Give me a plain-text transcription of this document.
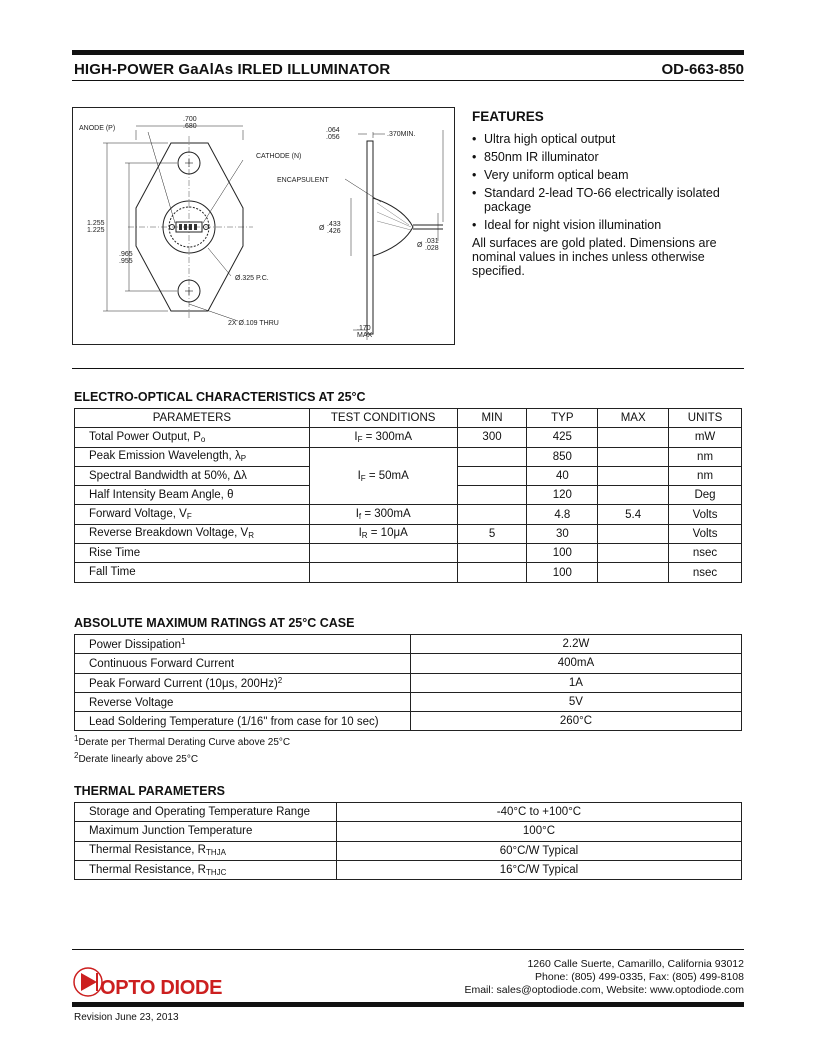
HIGH-POWER GaAlAs IRLED ILLUMINATOR	OD-663-850
ANODE (P)
CATHODE (N)
ENCAPSULENT
Ø.325 P.C.
2X Ø.109 THRU
.700
.680
1.255
1.225
.965
.955
.064
.056	.370MIN.
Ø
.433
.426
Ø
.031
.028
.170
MAX
FEATURES
• Ultra high optical output
• 850nm IR illuminator
• Very uniform optical beam
• Standard 2-lead TO-66 electrically isolated package
• Ideal for night vision illumination

All surfaces are gold plated. Dimensions are nominal values in inches unless otherwise specified.

ELECTRO-OPTICAL CHARACTERISTICS AT 25°C
PARAMETERS	TEST CONDITIONS	MIN	TYP	MAX	UNITS
Total Power Output, $P_o$	$I_F = 300mA$	300	425		mW
Peak Emission Wavelength, $\lambda_P$	$I_F = 50mA$		850		nm
Spectral Bandwidth at 50%, Δλ			40		nm
Half Intensity Beam Angle, θ			120		Deg
Forward Voltage, $V_F$	$I_f = 300mA$		4.8	5.4	Volts
Reverse Breakdown Voltage, $V_R$	$I_R = 10\mu A$	5	30		Volts
Rise Time			100		nsec
Fall Time			100		nsec
ABSOLUTE MAXIMUM RATINGS AT 25°C CASE
Power Dissipation$^1$	2.2W
Continuous Forward Current	400mA
Peak Forward Current (10μs, 200Hz)$^2$	1A
Reverse Voltage	5V
Lead Soldering Temperature (1/16" from case for 10 sec)	260°C
$^1$Derate per Thermal Derating Curve above 25°C
$^2$Derate linearly above 25°C
THERMAL PARAMETERS
Storage and Operating Temperature Range	-40°C to +100°C
Maximum Junction Temperature	100°C
Thermal Resistance, $R_{THJA}$	60°C/W Typical
Thermal Resistance, $R_{THJC}$	16°C/W Typical
OPTO DIODE
1260 Calle Suerte, Camarillo, California 93012
Phone: (805) 499-0335, Fax: (805) 499-8108
Email: sales@optodiode.com, Website: www.optodiode.com
Revision June 23, 2013
